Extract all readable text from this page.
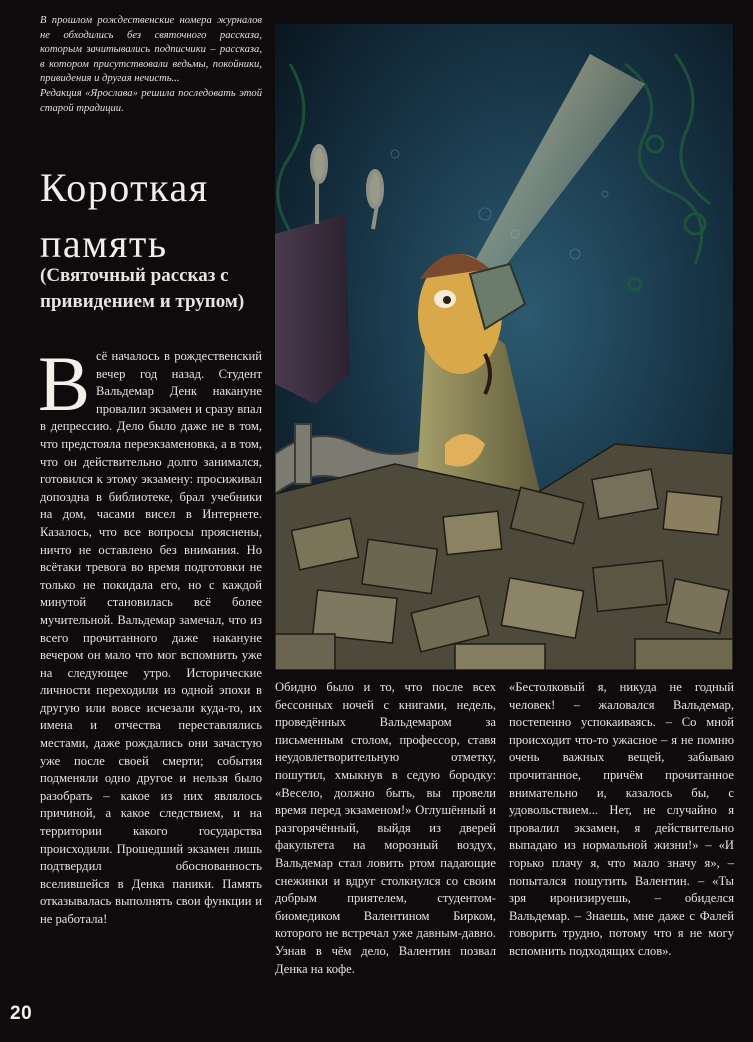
В прошлом рождественские номера журналов не обходились без святочного рассказа, которым зачитывались подписчики – рассказа, в котором присутствовали ведьмы, покойники, привидения и другая нечисть...

Редакция «Ярослава» решила последовать этой старой традиции.

Короткая память
(Святочный рассказ с привидением и трупом)
В сё началось в рождественский вечер год назад. Студент Вальдемар Денк накануне провалил экзамен и сразу впал в депрессию. Дело было даже не в том, что предстояла переэкзаменовка, а в том, что он действительно долго занимался, готовился к этому экзамену: просиживал допоздна в библиотеке, брал учебники на дом, часами висел в Интернете. Казалось, что все вопросы прояснены, ничто не оставлено без внимания. Но всётаки тревога во время подготовки не только не покидала его, но с каждой минутой становилась всё более мучительной. Вальдемар замечал, что из всего прочитанного даже накануне вечером он мало что мог вспомнить уже на следующее утро. Исторические личности переходили из одной эпохи в другую или вовсе исчезали куда-то, их имена и отчества переставлялись местами, даже рождались они зачастую уже после своей смерти; события подменяли одно другое и нельзя было разобрать – какое из них являлось причиной, а какое следствием, и на территории какого государства происходили. Прошедший экзамен лишь подтвердил обоснованность вселившейся в Денка паники. Память отказывалась выполнять свои функции и не работала!

Обидно было и то, что после всех бессонных ночей с книгами, недель, проведённых Вальдемаром за письменным столом, профессор, ставя неудовлетворительную отметку, пошутил, хмыкнув в седую бородку: «Весело, должно быть, вы провели время перед экзаменом!» Оглушённый и разгорячённый, выйдя из дверей факультета на морозный воздух, Вальдемар стал ловить ртом падающие снежинки и вдруг столкнулся со своим добрым приятелем, студентом-биомедиком Валентином Бирком, которого не встречал уже давным-давно. Узнав в чём дело, Валентин позвал Денка на кофе.

«Бестолковый я, никуда не годный человек! – жаловался Вальдемар, постепенно успокаиваясь. – Со мной происходит что-то ужасное – я не помню очень важных вещей, забываю прочитанное, причём прочитанное внимательно и, казалось бы, с удовольствием... Нет, не случайно я провалил экзамен, я действительно выпадаю из нормальной жизни!» – «И горько плачу я, что мало значу я», – попытался пошутить Валентин. – «Ты зря иронизируешь, – обиделся Вальдемар. – Знаешь, мне даже с Фалей говорить трудно, потому что я не могу вспомнить подходящих слов».

20
